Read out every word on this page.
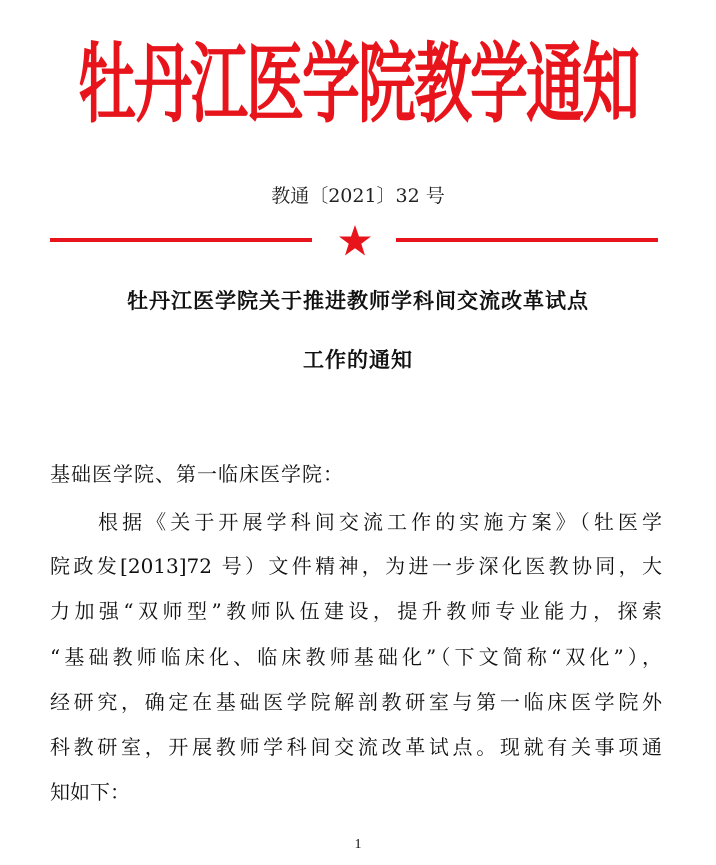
牡丹江医学院教学通知
教通〔2021〕32 号
牡丹江医学院关于推进教师学科间交流改革试点
工作的通知
基础医学院、第一临床医学院：
根据《关于开展学科间交流工作的实施方案》（牡医学
院政发[2013]72 号）文件精神，为进一步深化医教协同，大
力加强“双师型”教师队伍建设，提升教师专业能力，探索
“基础教师临床化、临床教师基础化”（下文简称“双化”），
经研究，确定在基础医学院解剖教研室与第一临床医学院外
科教研室，开展教师学科间交流改革试点。现就有关事项通
知如下：
1
